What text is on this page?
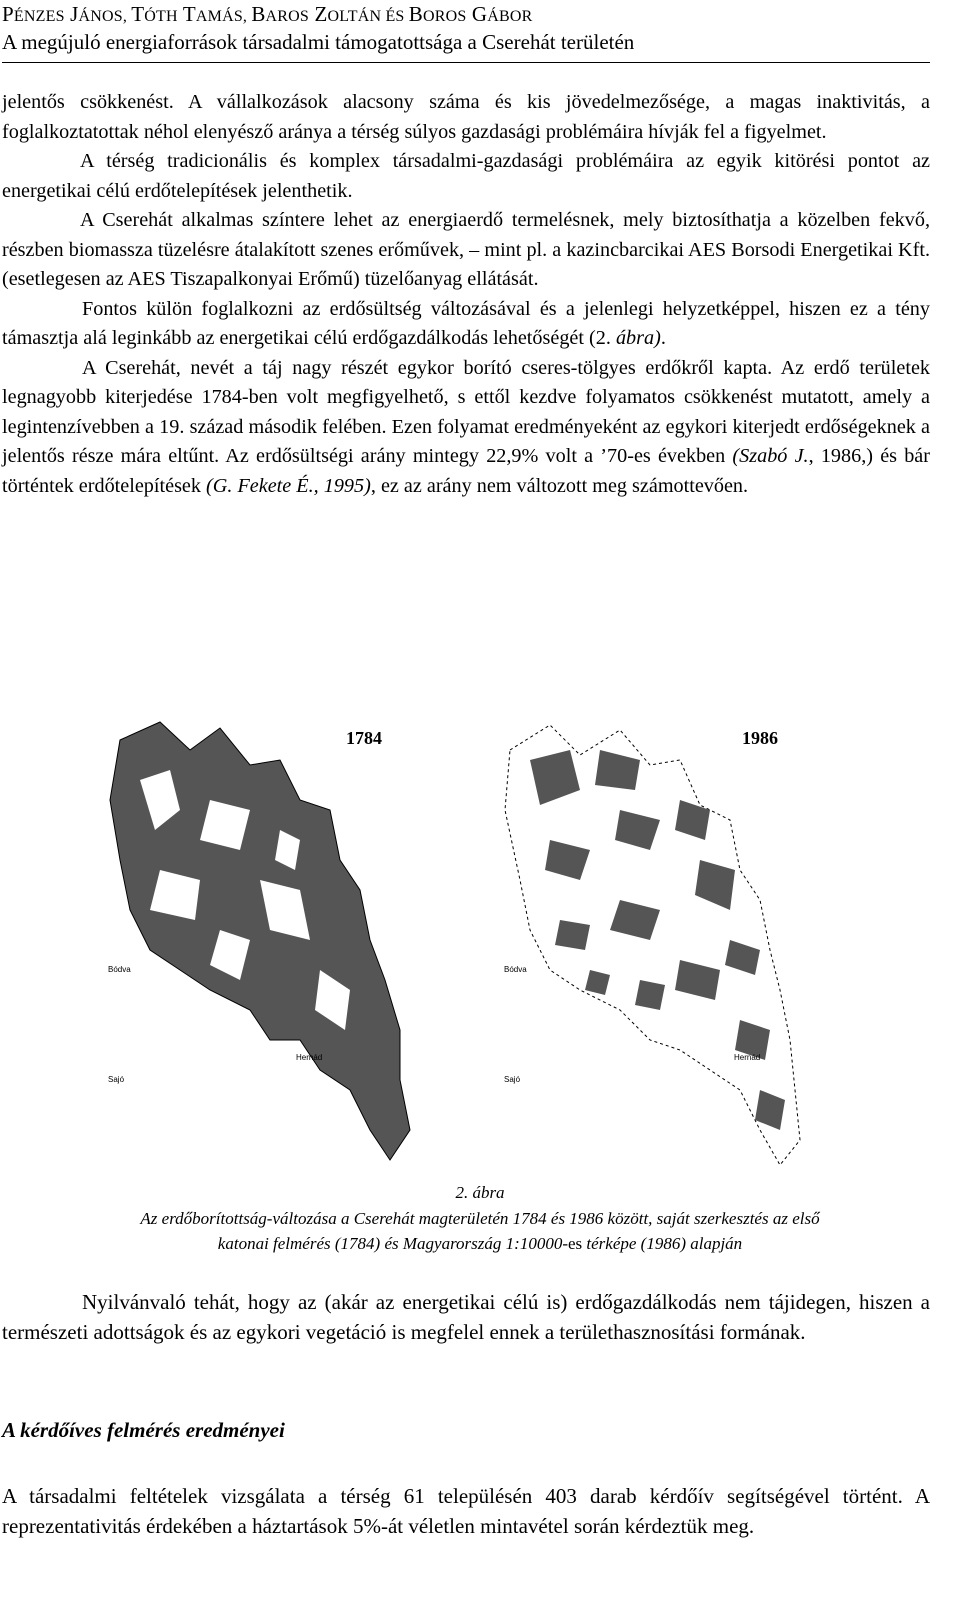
PÉNZES JÁNOS, TÓTH TAMÁS, BAROS ZOLTÁN ÉS BOROS GÁBOR
A megújuló energiaforrások társadalmi támogatottsága a Cserehát területén

jelentős csökkenést. A vállalkozások alacsony száma és kis jövedelmezősége, a magas inaktivitás, a foglalkoztatottak néhol elenyésző aránya a térség súlyos gazdasági problémáira hívják fel a figyelmet.

A térség tradicionális és komplex társadalmi-gazdasági problémáira az egyik kitörési pontot az energetikai célú erdőtelepítések jelenthetik.

A Cserehát alkalmas színtere lehet az energiaerdő termelésnek, mely biztosíthatja a közelben fekvő, részben biomassza tüzelésre átalakított szenes erőművek, – mint pl. a kazincbarcikai AES Borsodi Energetikai Kft. (esetlegesen az AES Tiszapalkonyai Erőmű) tüzelőanyag ellátását.

Fontos külön foglalkozni az erdősültség változásával és a jelenlegi helyzetképpel, hiszen ez a tény támasztja alá leginkább az energetikai célú erdőgazdálkodás lehetőségét (2. ábra).

A Cserehát, nevét a táj nagy részét egykor borító cseres-tölgyes erdőkről kapta. Az erdő területek legnagyobb kiterjedése 1784-ben volt megfigyelhető, s ettől kezdve folyamatos csökkenést mutatott, amely a legintenzívebben a 19. század második felében. Ezen folyamat eredményeként az egykori kiterjedt erdőségeknek a jelentős része mára eltűnt. Az erdősültségi arány mintegy 22,9% volt a ’70-es években (Szabó J., 1986,) és bár történtek erdőtelepítések (G. Fekete É., 1995), ez az arány nem változott meg számottevően.

1784
Bódva
Hernád
Sajó
1986
Bódva
Hernád
Sajó
2. ábra
Az erdőborítottság-változása a Cserehát magterületén 1784 és 1986 között, saját szerkesztés az első
katonai felmérés (1784) és Magyarország 1:10000-es térképe (1986) alapján

Nyilvánvaló tehát, hogy az (akár az energetikai célú is) erdőgazdálkodás nem tájidegen, hiszen a természeti adottságok és az egykori vegetáció is megfelel ennek a területhasznosítási formának.

A kérdőíves felmérés eredményei

A társadalmi feltételek vizsgálata a térség 61 településén 403 darab kérdőív segítségével történt. A reprezentativitás érdekében a háztartások 5%-át véletlen mintavétel során kérdeztük meg.
